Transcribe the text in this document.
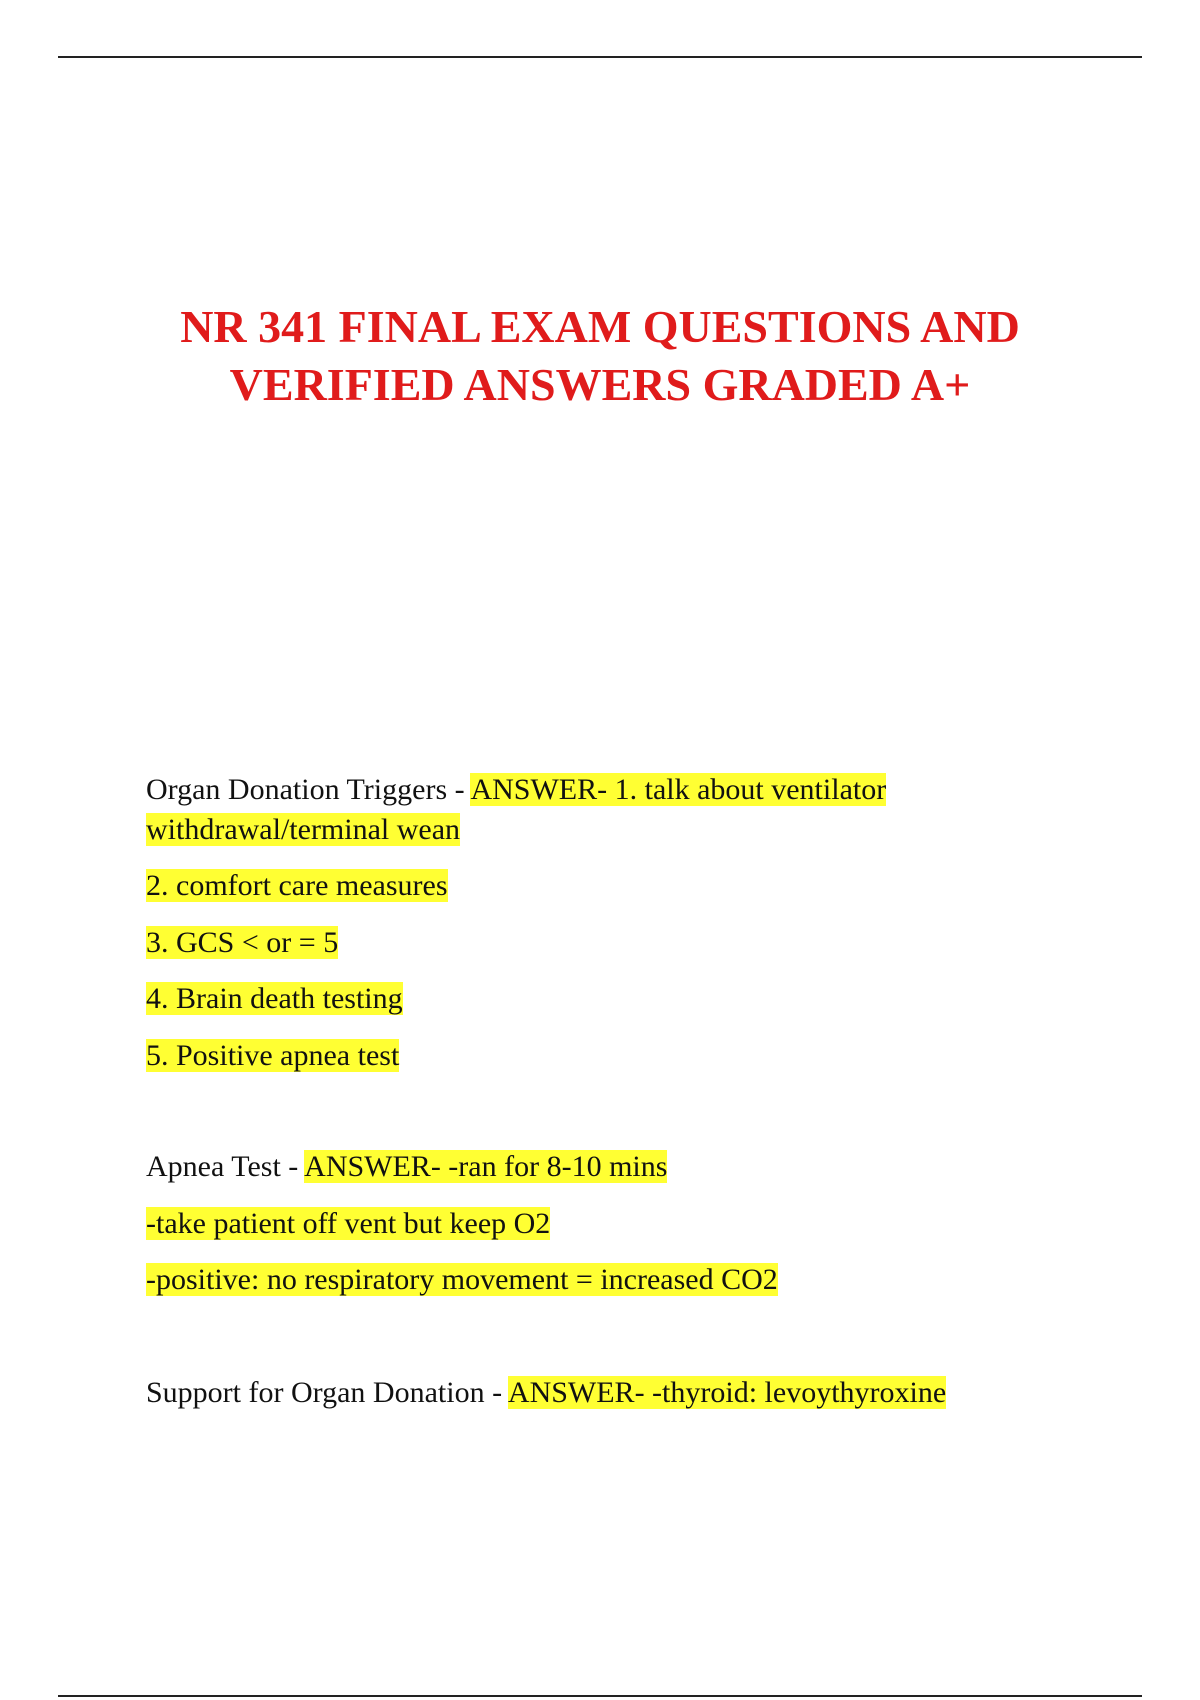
NR 341 FINAL EXAM QUESTIONS AND
VERIFIED ANSWERS GRADED A+
Organ Donation Triggers - ANSWER- 1. talk about ventilator
withdrawal/terminal wean
2. comfort care measures
3. GCS < or = 5
4. Brain death testing
5. Positive apnea test
Apnea Test - ANSWER- -ran for 8-10 mins
-take patient off vent but keep O2
-positive: no respiratory movement = increased CO2
Support for Organ Donation - ANSWER- -thyroid: levoythyroxine
